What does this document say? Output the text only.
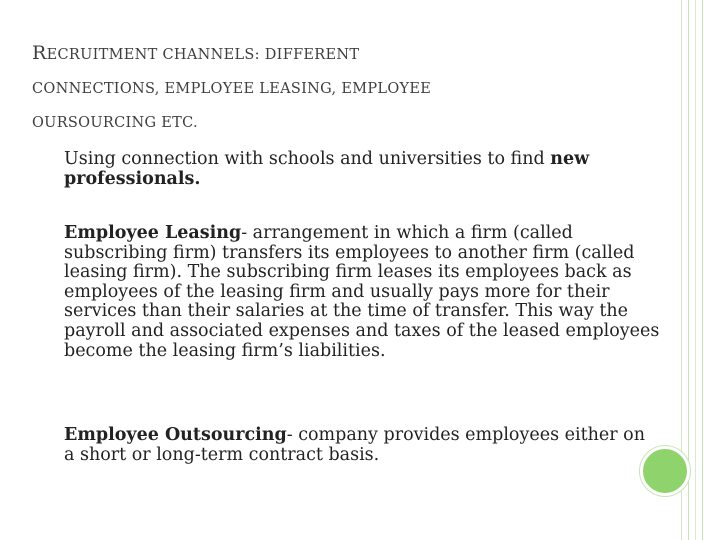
RECRUITMENT CHANNELS: DIFFERENT
CONNECTIONS, EMPLOYEE LEASING, EMPLOYEE
OURSOURCING ETC.
Using connection with schools and universities to find new professionals.
Employee Leasing- arrangement in which a firm (called subscribing firm) transfers its employees to another firm (called leasing firm). The subscribing firm leases its employees back as employees of the leasing firm and usually pays more for their services than their salaries at the time of transfer. This way the payroll and associated expenses and taxes of the leased employees become the leasing firm’s liabilities.
Employee Outsourcing- company provides employees either on a short or long-term contract basis.
